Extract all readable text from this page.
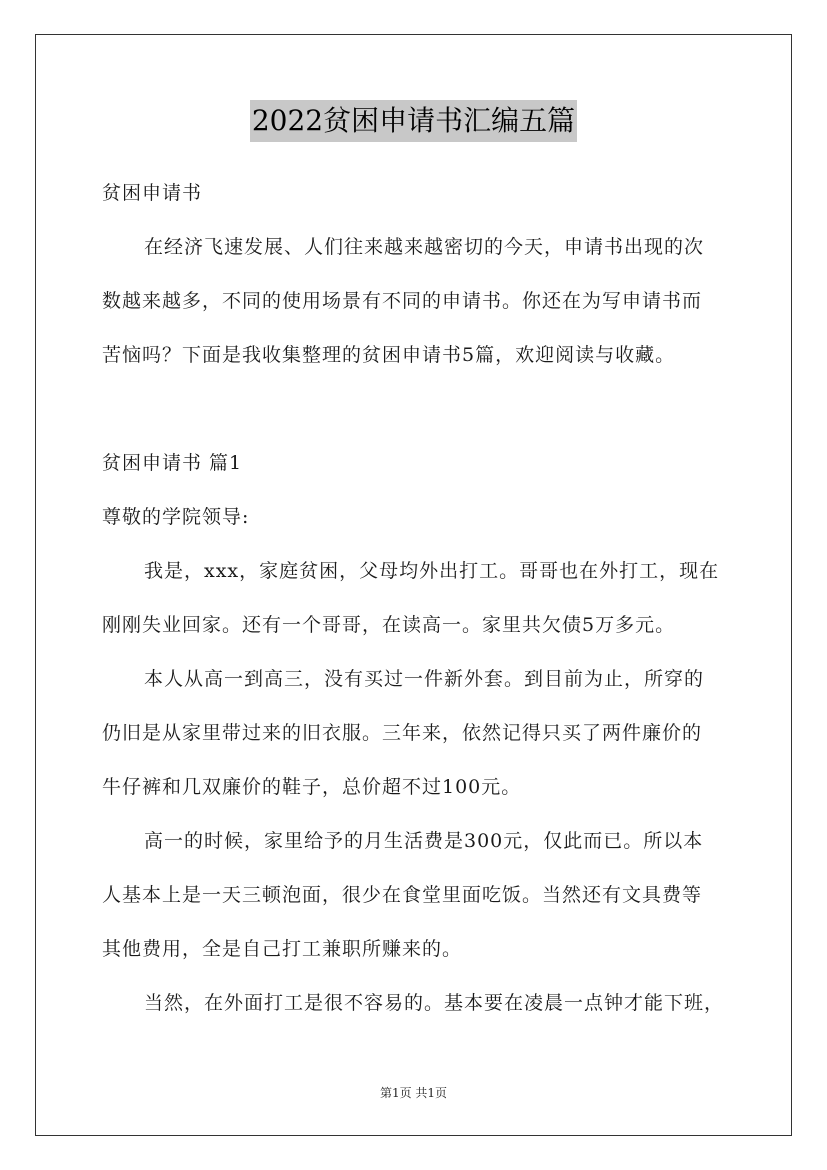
2022贫困申请书汇编五篇

贫困申请书

在经济飞速发展、人们往来越来越密切的今天，申请书出现的次

数越来越多，不同的使用场景有不同的申请书。你还在为写申请书而

苦恼吗？下面是我收集整理的贫困申请书5篇，欢迎阅读与收藏。

贫困申请书 篇1

尊敬的学院领导:

我是，xxx，家庭贫困，父母均外出打工。哥哥也在外打工，现在

刚刚失业回家。还有一个哥哥，在读高一。家里共欠债5万多元。

本人从高一到高三，没有买过一件新外套。到目前为止，所穿的

仍旧是从家里带过来的旧衣服。三年来，依然记得只买了两件廉价的

牛仔裤和几双廉价的鞋子，总价超不过100元。

高一的时候，家里给予的月生活费是300元，仅此而已。所以本

人基本上是一天三顿泡面，很少在食堂里面吃饭。当然还有文具费等

其他费用，全是自己打工兼职所赚来的。

当然，在外面打工是很不容易的。基本要在凌晨一点钟才能下班，

第1页 共1页
